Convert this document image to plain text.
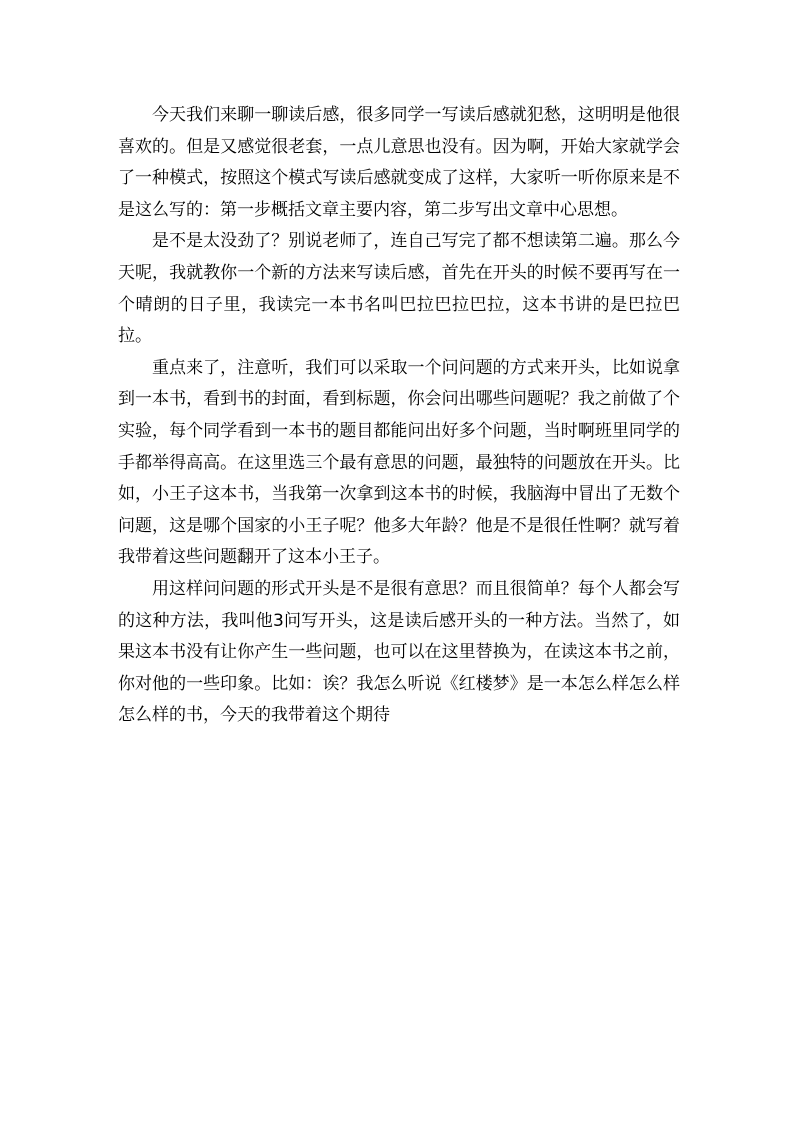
今天我们来聊一聊读后感，很多同学一写读后感就犯愁，这明明是他很喜欢的。但是又感觉很老套，一点儿意思也没有。因为啊，开始大家就学会了一种模式，按照这个模式写读后感就变成了这样，大家听一听你原来是不是这么写的：第一步概括文章主要内容，第二步写出文章中心思想。

是不是太没劲了？别说老师了，连自己写完了都不想读第二遍。那么今天呢，我就教你一个新的方法来写读后感，首先在开头的时候不要再写在一个晴朗的日子里，我读完一本书名叫巴拉巴拉巴拉，这本书讲的是巴拉巴拉。

重点来了，注意听，我们可以采取一个问问题的方式来开头，比如说拿到一本书，看到书的封面，看到标题，你会问出哪些问题呢？我之前做了个实验，每个同学看到一本书的题目都能问出好多个问题，当时啊班里同学的手都举得高高。在这里选三个最有意思的问题，最独特的问题放在开头。比如，小王子这本书，当我第一次拿到这本书的时候，我脑海中冒出了无数个问题，这是哪个国家的小王子呢？他多大年龄？他是不是很任性啊？就写着我带着这些问题翻开了这本小王子。

用这样问问题的形式开头是不是很有意思？而且很简单？每个人都会写的这种方法，我叫他3问写开头，这是读后感开头的一种方法。当然了，如果这本书没有让你产生一些问题，也可以在这里替换为，在读这本书之前，你对他的一些印象。比如：诶？我怎么听说《红楼梦》是一本怎么样怎么样怎么样的书，今天的我带着这个期待
